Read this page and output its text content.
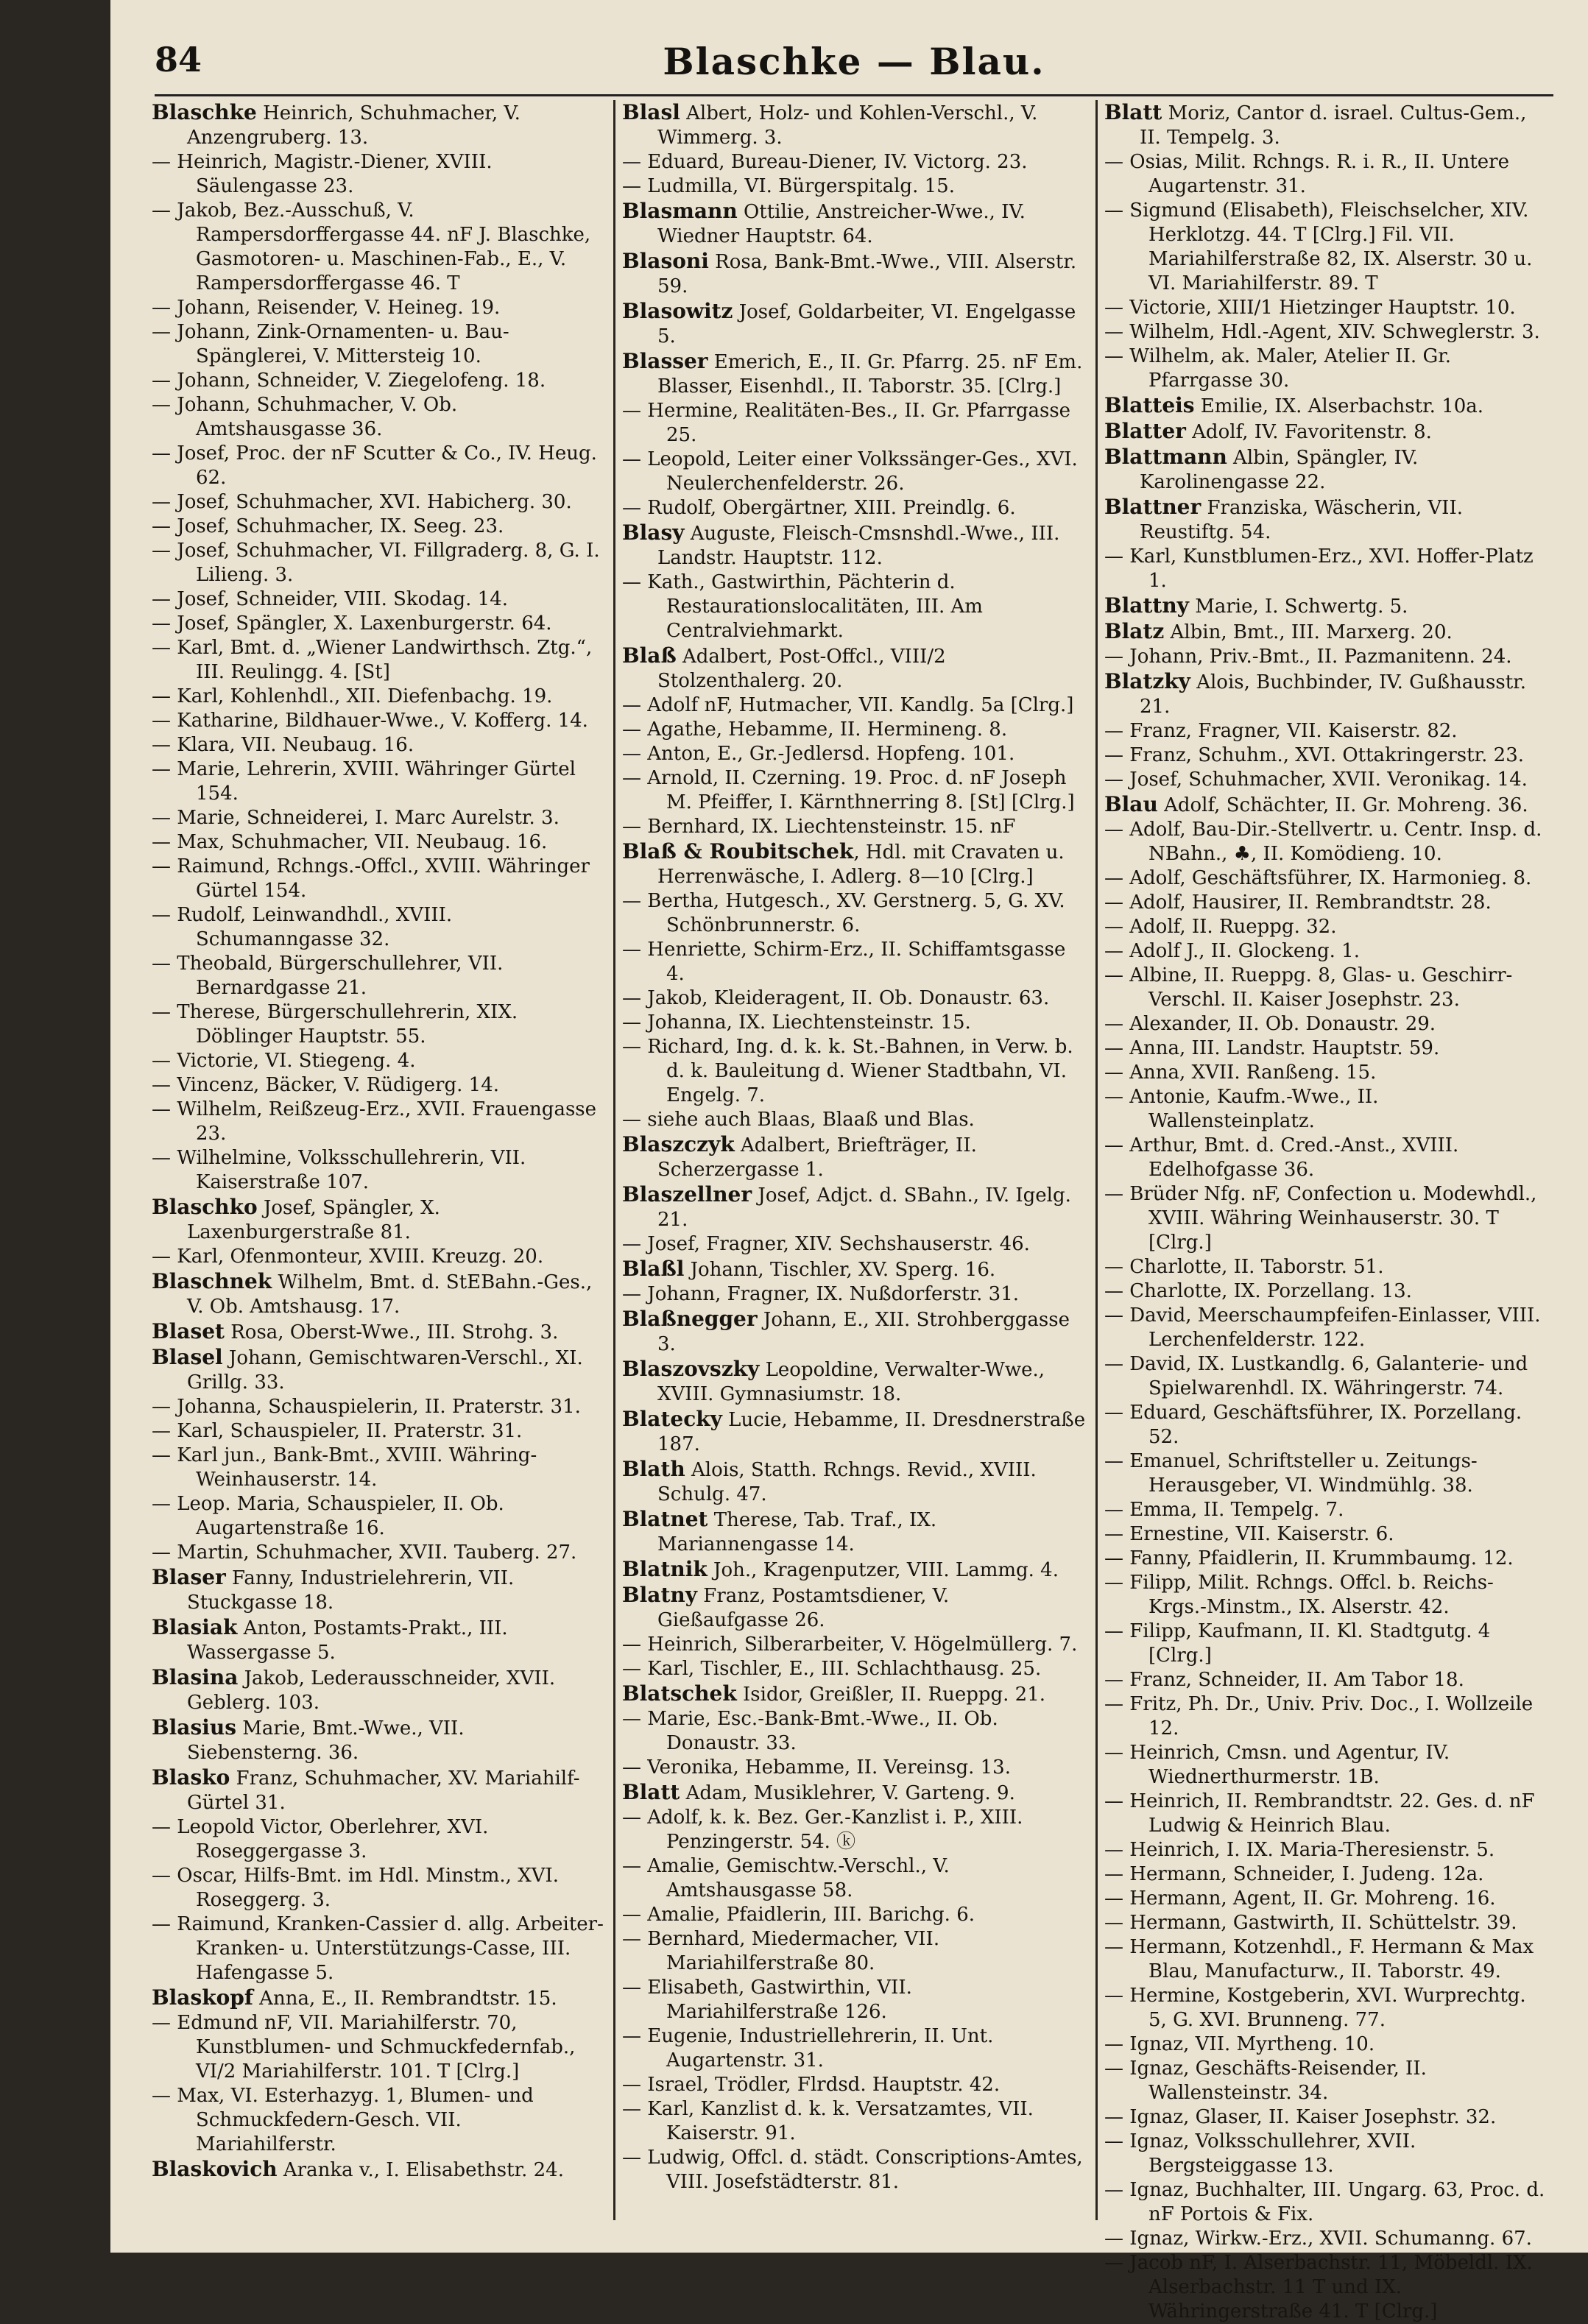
84	Blaschke — Blau.

Blaschke Heinrich, Schuhmacher, V. Anzengruberg. 13.

— Heinrich, Magistr.-Diener, XVIII. Säulengasse 23.

— Jakob, Bez.-Ausschuß, V. Rampersdorffergasse 44. nF J. Blaschke, Gasmotoren- u. Maschinen-Fab., E., V. Rampersdorffergasse 46. T

— Johann, Reisender, V. Heineg. 19.

— Johann, Zink-Ornamenten- u. Bau-Spänglerei, V. Mittersteig 10.

— Johann, Schneider, V. Ziegelofeng. 18.

— Johann, Schuhmacher, V. Ob. Amtshausgasse 36.

— Josef, Proc. der nF Scutter & Co., IV. Heug. 62.

— Josef, Schuhmacher, XVI. Habicherg. 30.

— Josef, Schuhmacher, IX. Seeg. 23.

— Josef, Schuhmacher, VI. Fillgraderg. 8, G. I. Lilieng. 3.

— Josef, Schneider, VIII. Skodag. 14.

— Josef, Spängler, X. Laxenburgerstr. 64.

— Karl, Bmt. d. „Wiener Landwirthsch. Ztg.“, III. Reulingg. 4. [St]

— Karl, Kohlenhdl., XII. Diefenbachg. 19.

— Katharine, Bildhauer-Wwe., V. Kofferg. 14.

— Klara, VII. Neubaug. 16.

— Marie, Lehrerin, XVIII. Währinger Gürtel 154.

— Marie, Schneiderei, I. Marc Aurelstr. 3.

— Max, Schuhmacher, VII. Neubaug. 16.

— Raimund, Rchngs.-Offcl., XVIII. Währinger Gürtel 154.

— Rudolf, Leinwandhdl., XVIII. Schumanngasse 32.

— Theobald, Bürgerschullehrer, VII. Bernardgasse 21.

— Therese, Bürgerschullehrerin, XIX. Döblinger Hauptstr. 55.

— Victorie, VI. Stiegeng. 4.

— Vincenz, Bäcker, V. Rüdigerg. 14.

— Wilhelm, Reißzeug-Erz., XVII. Frauengasse 23.

— Wilhelmine, Volksschullehrerin, VII. Kaiserstraße 107.

Blaschko Josef, Spängler, X. Laxenburgerstraße 81.

— Karl, Ofenmonteur, XVIII. Kreuzg. 20.

Blaschnek Wilhelm, Bmt. d. StEBahn.-Ges., V. Ob. Amtshausg. 17.

Blaset Rosa, Oberst-Wwe., III. Strohg. 3.

Blasel Johann, Gemischtwaren-Verschl., XI. Grillg. 33.

— Johanna, Schauspielerin, II. Praterstr. 31.

— Karl, Schauspieler, II. Praterstr. 31.

— Karl jun., Bank-Bmt., XVIII. Währing-Weinhauserstr. 14.

— Leop. Maria, Schauspieler, II. Ob. Augartenstraße 16.

— Martin, Schuhmacher, XVII. Tauberg. 27.

Blaser Fanny, Industrielehrerin, VII. Stuckgasse 18.

Blasiak Anton, Postamts-Prakt., III. Wassergasse 5.

Blasina Jakob, Lederausschneider, XVII. Geblerg. 103.

Blasius Marie, Bmt.-Wwe., VII. Siebensterng. 36.

Blasko Franz, Schuhmacher, XV. Mariahilf-Gürtel 31.

— Leopold Victor, Oberlehrer, XVI. Roseggergasse 3.

— Oscar, Hilfs-Bmt. im Hdl. Minstm., XVI. Roseggerg. 3.

— Raimund, Kranken-Cassier d. allg. Arbeiter-Kranken- u. Unterstützungs-Casse, III. Hafengasse 5.

Blaskopf Anna, E., II. Rembrandtstr. 15.

— Edmund nF, VII. Mariahilferstr. 70, Kunstblumen- und Schmuckfedernfab., VI/2 Mariahilferstr. 101. T [Clrg.]

— Max, VI. Esterhazyg. 1, Blumen- und Schmuckfedern-Gesch. VII. Mariahilferstr.

Blaskovich Aranka v., I. Elisabethstr. 24.

Blasl Albert, Holz- und Kohlen-Verschl., V. Wimmerg. 3.

— Eduard, Bureau-Diener, IV. Victorg. 23.

— Ludmilla, VI. Bürgerspitalg. 15.

Blasmann Ottilie, Anstreicher-Wwe., IV. Wiedner Hauptstr. 64.

Blasoni Rosa, Bank-Bmt.-Wwe., VIII. Alserstr. 59.

Blasowitz Josef, Goldarbeiter, VI. Engelgasse 5.

Blasser Emerich, E., II. Gr. Pfarrg. 25. nF Em. Blasser, Eisenhdl., II. Taborstr. 35. [Clrg.]

— Hermine, Realitäten-Bes., II. Gr. Pfarrgasse 25.

— Leopold, Leiter einer Volkssänger-Ges., XVI. Neulerchenfelderstr. 26.

— Rudolf, Obergärtner, XIII. Preindlg. 6.

Blasy Auguste, Fleisch-Cmsnshdl.-Wwe., III. Landstr. Hauptstr. 112.

— Kath., Gastwirthin, Pächterin d. Restaurationslocalitäten, III. Am Centralviehmarkt.

Blaß Adalbert, Post-Offcl., VIII/2 Stolzenthalerg. 20.

— Adolf nF, Hutmacher, VII. Kandlg. 5a [Clrg.]

— Agathe, Hebamme, II. Hermineng. 8.

— Anton, E., Gr.-Jedlersd. Hopfeng. 101.

— Arnold, II. Czerning. 19. Proc. d. nF Joseph M. Pfeiffer, I. Kärnthnerring 8. [St] [Clrg.]

— Bernhard, IX. Liechtensteinstr. 15. nF

Blaß & Roubitschek, Hdl. mit Cravaten u. Herrenwäsche, I. Adlerg. 8—10 [Clrg.]

— Bertha, Hutgesch., XV. Gerstnerg. 5, G. XV. Schönbrunnerstr. 6.

— Henriette, Schirm-Erz., II. Schiffamtsgasse 4.

— Jakob, Kleideragent, II. Ob. Donaustr. 63.

— Johanna, IX. Liechtensteinstr. 15.

— Richard, Ing. d. k. k. St.-Bahnen, in Verw. b. d. k. Bauleitung d. Wiener Stadtbahn, VI. Engelg. 7.

— siehe auch Blaas, Blaaß und Blas.

Blaszczyk Adalbert, Briefträger, II. Scherzergasse 1.

Blaszellner Josef, Adjct. d. SBahn., IV. Igelg. 21.

— Josef, Fragner, XIV. Sechshauserstr. 46.

Blaßl Johann, Tischler, XV. Sperg. 16.

— Johann, Fragner, IX. Nußdorferstr. 31.

Blaßnegger Johann, E., XII. Strohberggasse 3.

Blaszovszky Leopoldine, Verwalter-Wwe., XVIII. Gymnasiumstr. 18.

Blatecky Lucie, Hebamme, II. Dresdnerstraße 187.

Blath Alois, Statth. Rchngs. Revid., XVIII. Schulg. 47.

Blatnet Therese, Tab. Traf., IX. Mariannengasse 14.

Blatnik Joh., Kragenputzer, VIII. Lammg. 4.

Blatny Franz, Postamtsdiener, V. Gießaufgasse 26.

— Heinrich, Silberarbeiter, V. Högelmüllerg. 7.

— Karl, Tischler, E., III. Schlachthausg. 25.

Blatschek Isidor, Greißler, II. Rueppg. 21.

— Marie, Esc.-Bank-Bmt.-Wwe., II. Ob. Donaustr. 33.

— Veronika, Hebamme, II. Vereinsg. 13.

Blatt Adam, Musiklehrer, V. Garteng. 9.

— Adolf, k. k. Bez. Ger.-Kanzlist i. P., XIII. Penzingerstr. 54. ⓚ

— Amalie, Gemischtw.-Verschl., V. Amtshausgasse 58.

— Amalie, Pfaidlerin, III. Barichg. 6.

— Bernhard, Miedermacher, VII. Mariahilferstraße 80.

— Elisabeth, Gastwirthin, VII. Mariahilferstraße 126.

— Eugenie, Industriellehrerin, II. Unt. Augartenstr. 31.

— Israel, Trödler, Flrdsd. Hauptstr. 42.

— Karl, Kanzlist d. k. k. Versatzamtes, VII. Kaiserstr. 91.

— Ludwig, Offcl. d. städt. Conscriptions-Amtes, VIII. Josefstädterstr. 81.

Blatt Moriz, Cantor d. israel. Cultus-Gem., II. Tempelg. 3.

— Osias, Milit. Rchngs. R. i. R., II. Untere Augartenstr. 31.

— Sigmund (Elisabeth), Fleischselcher, XIV. Herklotzg. 44. T [Clrg.] Fil. VII. Mariahilferstraße 82, IX. Alserstr. 30 u. VI. Mariahilferstr. 89. T

— Victorie, XIII/1 Hietzinger Hauptstr. 10.

— Wilhelm, Hdl.-Agent, XIV. Schweglerstr. 3.

— Wilhelm, ak. Maler, Atelier II. Gr. Pfarrgasse 30.

Blatteis Emilie, IX. Alserbachstr. 10a.

Blatter Adolf, IV. Favoritenstr. 8.

Blattmann Albin, Spängler, IV. Karolinengasse 22.

Blattner Franziska, Wäscherin, VII. Reustiftg. 54.

— Karl, Kunstblumen-Erz., XVI. Hoffer-Platz 1.

Blattny Marie, I. Schwertg. 5.

Blatz Albin, Bmt., III. Marxerg. 20.

— Johann, Priv.-Bmt., II. Pazmanitenn. 24.

Blatzky Alois, Buchbinder, IV. Gußhausstr. 21.

— Franz, Fragner, VII. Kaiserstr. 82.

— Franz, Schuhm., XVI. Ottakringerstr. 23.

— Josef, Schuhmacher, XVII. Veronikag. 14.

Blau Adolf, Schächter, II. Gr. Mohreng. 36.

— Adolf, Bau-Dir.-Stellvertr. u. Centr. Insp. d. NBahn., ♣, II. Komödieng. 10.

— Adolf, Geschäftsführer, IX. Harmonieg. 8.

— Adolf, Hausirer, II. Rembrandtstr. 28.

— Adolf, II. Rueppg. 32.

— Adolf J., II. Glockeng. 1.

— Albine, II. Rueppg. 8, Glas- u. Geschirr-Verschl. II. Kaiser Josephstr. 23.

— Alexander, II. Ob. Donaustr. 29.

— Anna, III. Landstr. Hauptstr. 59.

— Anna, XVII. Ranßeng. 15.

— Antonie, Kaufm.-Wwe., II. Wallensteinplatz.

— Arthur, Bmt. d. Cred.-Anst., XVIII. Edelhofgasse 36.

— Brüder Nfg. nF, Confection u. Modewhdl., XVIII. Währing Weinhauserstr. 30. T [Clrg.]

— Charlotte, II. Taborstr. 51.

— Charlotte, IX. Porzellang. 13.

— David, Meerschaumpfeifen-Einlasser, VIII. Lerchenfelderstr. 122.

— David, IX. Lustkandlg. 6, Galanterie- und Spielwarenhdl. IX. Währingerstr. 74.

— Eduard, Geschäftsführer, IX. Porzellang. 52.

— Emanuel, Schriftsteller u. Zeitungs-Herausgeber, VI. Windmühlg. 38.

— Emma, II. Tempelg. 7.

— Ernestine, VII. Kaiserstr. 6.

— Fanny, Pfaidlerin, II. Krummbaumg. 12.

— Filipp, Milit. Rchngs. Offcl. b. Reichs-Krgs.-Minstm., IX. Alserstr. 42.

— Filipp, Kaufmann, II. Kl. Stadtgutg. 4 [Clrg.]

— Franz, Schneider, II. Am Tabor 18.

— Fritz, Ph. Dr., Univ. Priv. Doc., I. Wollzeile 12.

— Heinrich, Cmsn. und Agentur, IV. Wiednerthurmerstr. 1B.

— Heinrich, II. Rembrandtstr. 22. Ges. d. nF Ludwig & Heinrich Blau.

— Heinrich, I. IX. Maria-Theresienstr. 5.

— Hermann, Schneider, I. Judeng. 12a.

— Hermann, Agent, II. Gr. Mohreng. 16.

— Hermann, Gastwirth, II. Schüttelstr. 39.

— Hermann, Kotzenhdl., F. Hermann & Max Blau, Manufacturw., II. Taborstr. 49.

— Hermine, Kostgeberin, XVI. Wurprechtg. 5, G. XVI. Brunneng. 77.

— Ignaz, VII. Myrtheng. 10.

— Ignaz, Geschäfts-Reisender, II. Wallensteinstr. 34.

— Ignaz, Glaser, II. Kaiser Josephstr. 32.

— Ignaz, Volksschullehrer, XVII. Bergsteiggasse 13.

— Ignaz, Buchhalter, III. Ungarg. 63, Proc. d. nF Portois & Fix.

— Ignaz, Wirkw.-Erz., XVII. Schumanng. 67.

— Jacob nF, I. Alserbachstr. 11, Möbeldl. IX. Alserbachstr. 11 T und IX. Währingerstraße 41. T [Clrg.]
